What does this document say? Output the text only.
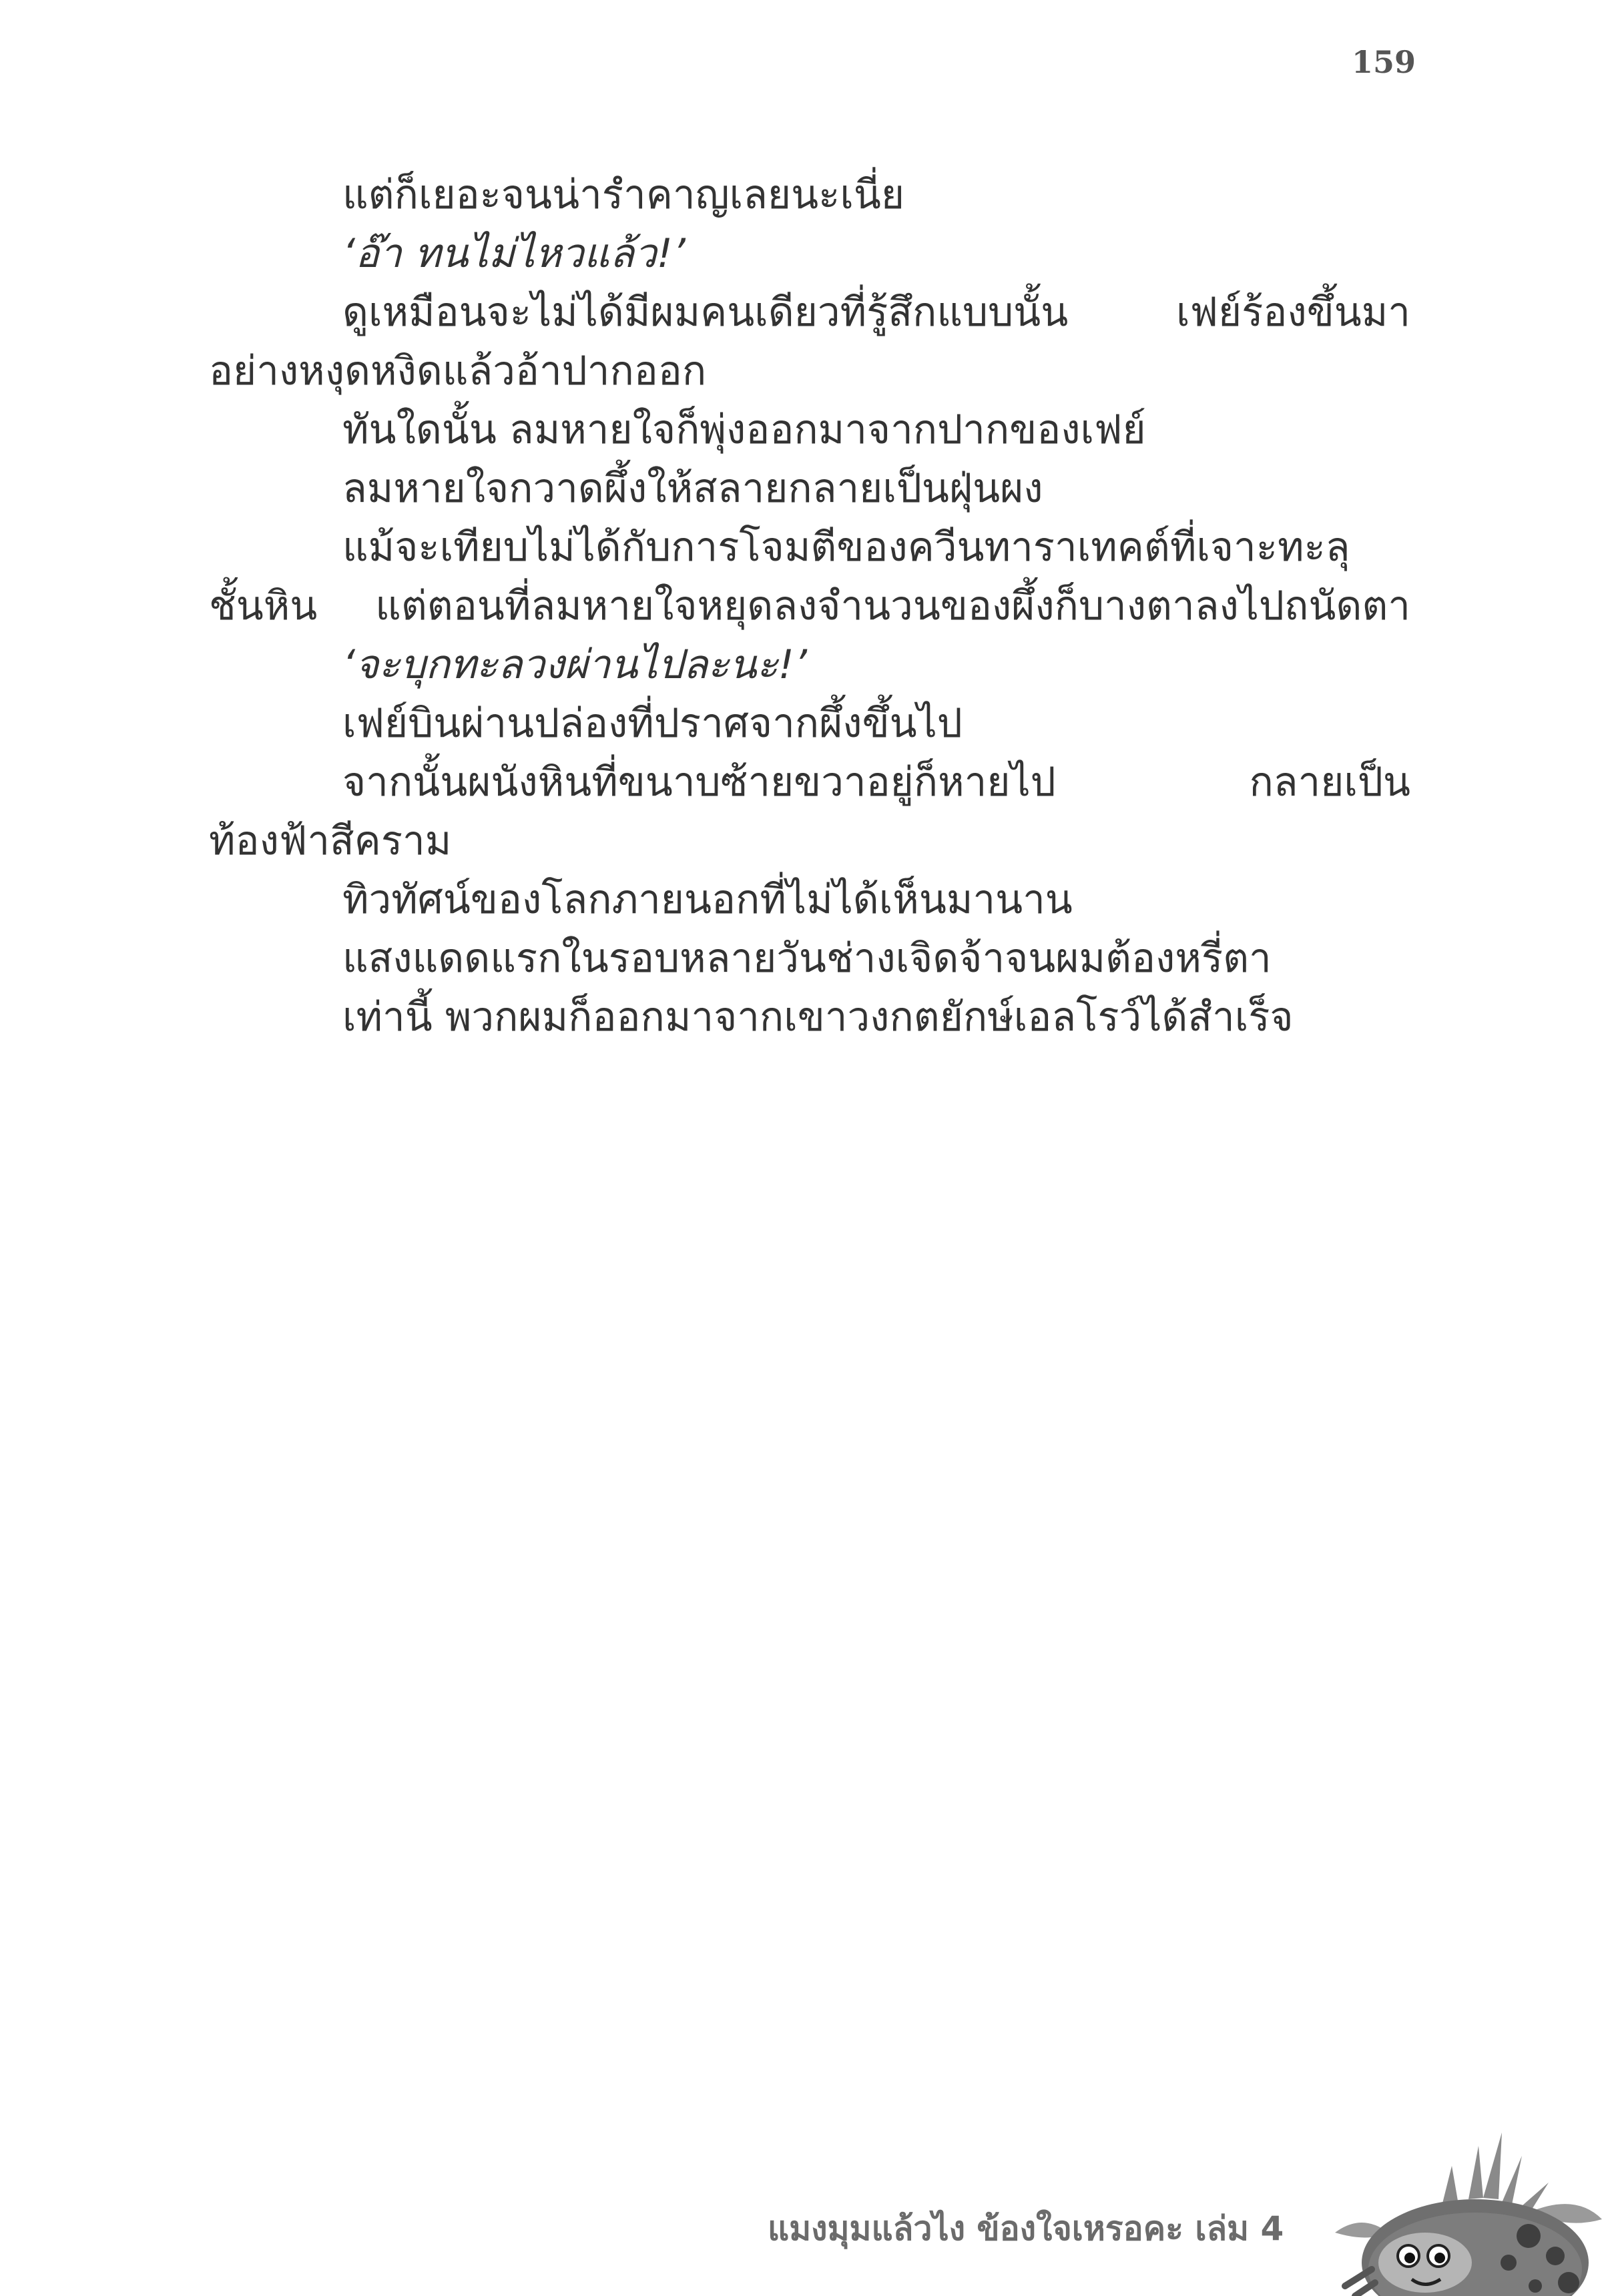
159

แต่ก็เยอะจนน่ารำคาญเลยนะเนี่ย

‘อ๊า ทนไม่ไหวแล้ว!’

ดูเหมือนจะไม่ได้มีผมคนเดียวที่รู้สึกแบบนั้น	เฟย์ร้องขึ้นมา

อย่างหงุดหงิดแล้วอ้าปากออก

ทันใดนั้น ลมหายใจก็พุ่งออกมาจากปากของเฟย์

ลมหายใจกวาดผึ้งให้สลายกลายเป็นฝุ่นผง

แม้จะเทียบไม่ได้กับการโจมตีของควีนทาราเทคต์ที่เจาะทะลุ

ชั้นหิน แต่ตอนที่ลมหายใจหยุดลงจำนวนของผึ้งก็บางตาลงไปถนัดตา

‘จะบุกทะลวงผ่านไปละนะ!’

เฟย์บินผ่านปล่องที่ปราศจากผึ้งขึ้นไป

จากนั้นผนังหินที่ขนาบซ้ายขวาอยู่ก็หายไป	กลายเป็น

ท้องฟ้าสีคราม

ทิวทัศน์ของโลกภายนอกที่ไม่ได้เห็นมานาน

แสงแดดแรกในรอบหลายวันช่างเจิดจ้าจนผมต้องหรี่ตา

เท่านี้ พวกผมก็ออกมาจากเขาวงกตยักษ์เอลโรว์ได้สำเร็จ

แมงมุมแล้วไง ข้องใจเหรอคะ เล่ม 4
